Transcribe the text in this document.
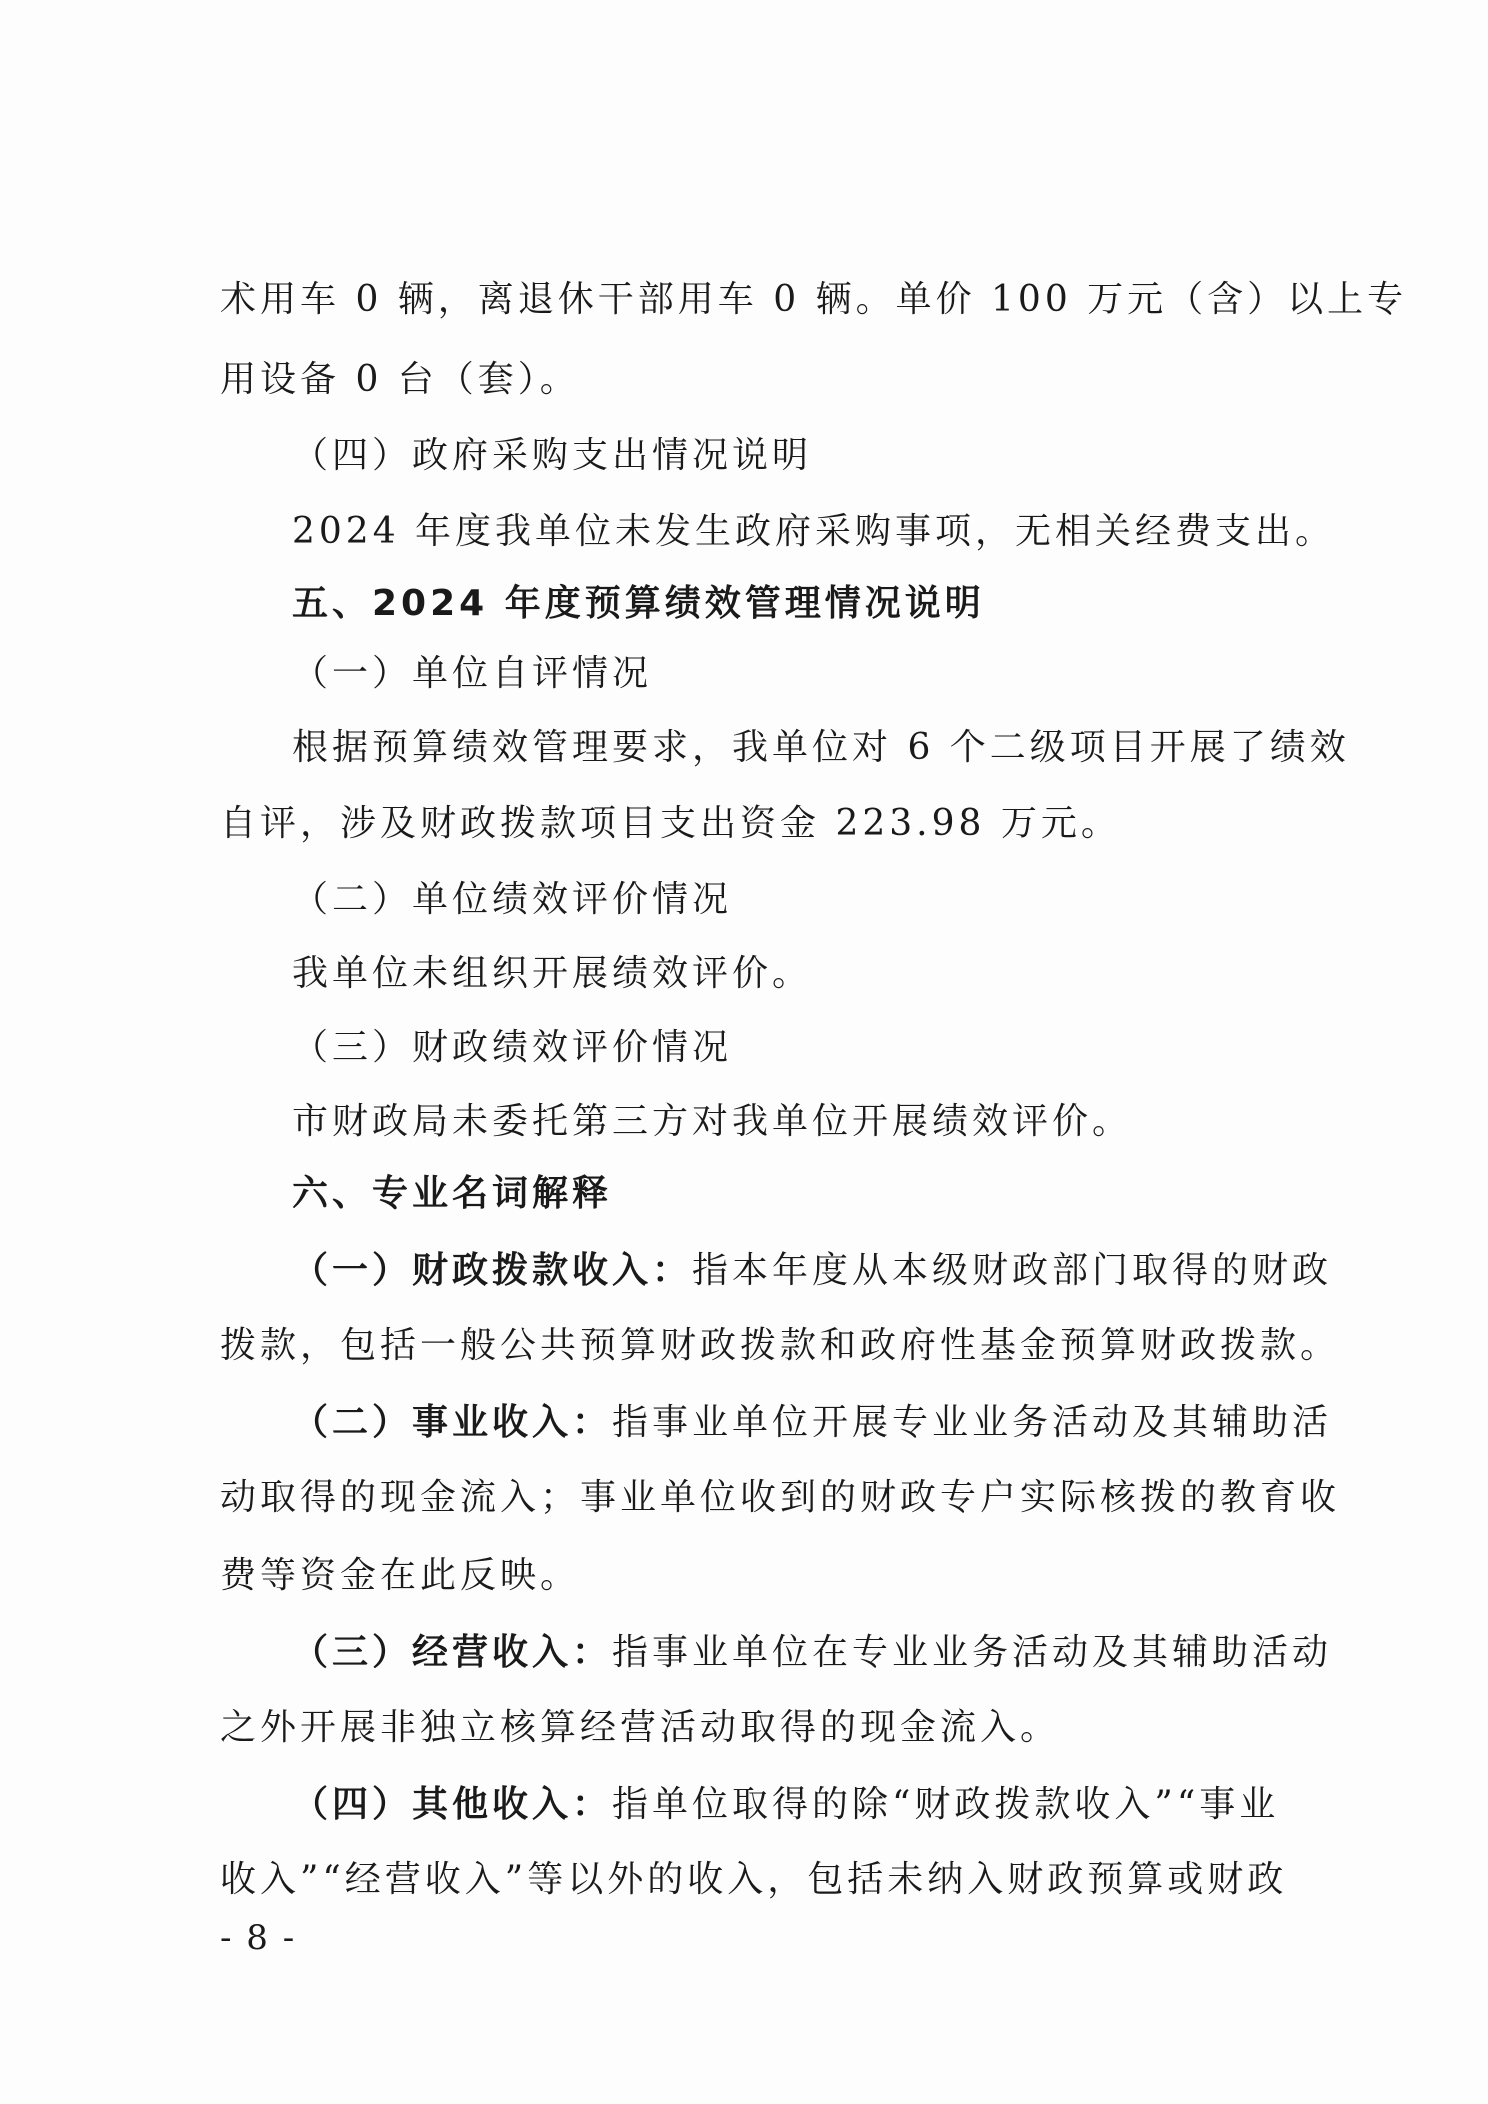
术用车 0 辆，离退休干部用车 0 辆。单价 100 万元（含）以上专
用设备 0 台（套）。
（四）政府采购支出情况说明
2024 年度我单位未发生政府采购事项，无相关经费支出。
五、2024 年度预算绩效管理情况说明
（一）单位自评情况
根据预算绩效管理要求，我单位对 6 个二级项目开展了绩效
自评，涉及财政拨款项目支出资金 223.98 万元。
（二）单位绩效评价情况
我单位未组织开展绩效评价。
（三）财政绩效评价情况
市财政局未委托第三方对我单位开展绩效评价。
六、专业名词解释
（一）财政拨款收入：指本年度从本级财政部门取得的财政
拨款，包括一般公共预算财政拨款和政府性基金预算财政拨款。
（二）事业收入：指事业单位开展专业业务活动及其辅助活
动取得的现金流入；事业单位收到的财政专户实际核拨的教育收
费等资金在此反映。
（三）经营收入：指事业单位在专业业务活动及其辅助活动
之外开展非独立核算经营活动取得的现金流入。
（四）其他收入：指单位取得的除“财政拨款收入”“事业
收入”“经营收入”等以外的收入，包括未纳入财政预算或财政
- 8 -
